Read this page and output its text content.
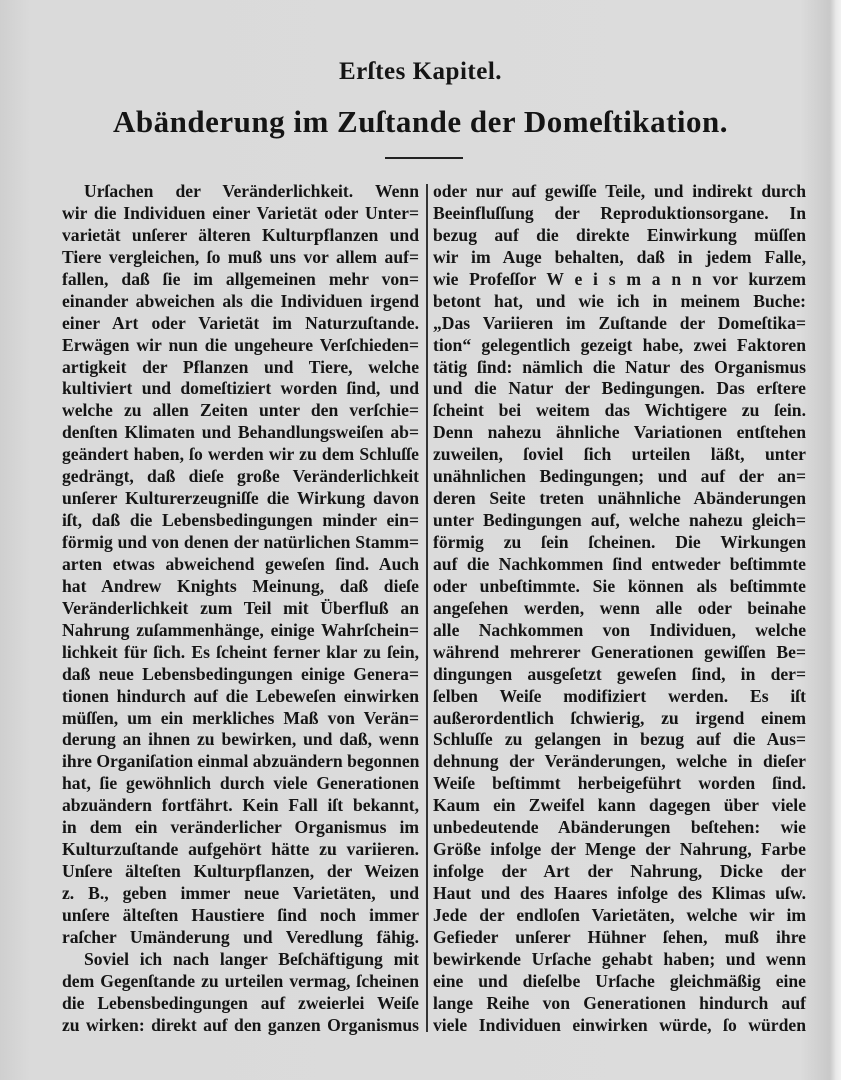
Erſtes Kapitel.
Abänderung im Zuſtande der Domeſtikation.
Urſachen der Veränderlichkeit. Wenn
wir die Individuen einer Varietät oder Unter=
varietät unſerer älteren Kulturpflanzen und
Tiere vergleichen, ſo muß uns vor allem auf=
fallen, daß ſie im allgemeinen mehr von=
einander abweichen als die Individuen irgend
einer Art oder Varietät im Naturzuſtande.
Erwägen wir nun die ungeheure Verſchieden=
artigkeit der Pflanzen und Tiere, welche
kultiviert und domeſtiziert worden ſind, und
welche zu allen Zeiten unter den verſchie=
denſten Klimaten und Behandlungsweiſen ab=
geändert haben, ſo werden wir zu dem Schluſſe
gedrängt, daß dieſe große Veränderlichkeit
unſerer Kulturerzeugniſſe die Wirkung davon
iſt, daß die Lebensbedingungen minder ein=
förmig und von denen der natürlichen Stamm=
arten etwas abweichend geweſen ſind. Auch
hat Andrew Knights Meinung, daß dieſe
Veränderlichkeit zum Teil mit Überfluß an
Nahrung zuſammenhänge, einige Wahrſchein=
lichkeit für ſich. Es ſcheint ferner klar zu ſein,
daß neue Lebensbedingungen einige Genera=
tionen hindurch auf die Lebeweſen einwirken
müſſen, um ein merkliches Maß von Verän=
derung an ihnen zu bewirken, und daß, wenn
ihre Organiſation einmal abzuändern begonnen
hat, ſie gewöhnlich durch viele Generationen
abzuändern fortfährt. Kein Fall iſt bekannt,
in dem ein veränderlicher Organismus im
Kulturzuſtande aufgehört hätte zu variieren.
Unſere älteſten Kulturpflanzen, der Weizen
z. B., geben immer neue Varietäten, und
unſere älteſten Haustiere ſind noch immer
raſcher Umänderung und Veredlung fähig.
Soviel ich nach langer Beſchäftigung mit
dem Gegenſtande zu urteilen vermag, ſcheinen
die Lebensbedingungen auf zweierlei Weiſe
zu wirken: direkt auf den ganzen Organismus
oder nur auf gewiſſe Teile, und indirekt durch
Beeinfluſſung der Reproduktionsorgane. In
bezug auf die direkte Einwirkung müſſen
wir im Auge behalten, daß in jedem Falle,
wie Profeſſor W e i s m a n n vor kurzem
betont hat, und wie ich in meinem Buche:
„Das Variieren im Zuſtande der Domeſtika=
tion“ gelegentlich gezeigt habe, zwei Faktoren
tätig ſind: nämlich die Natur des Organismus
und die Natur der Bedingungen. Das erſtere
ſcheint bei weitem das Wichtigere zu ſein.
Denn nahezu ähnliche Variationen entſtehen
zuweilen, ſoviel ſich urteilen läßt, unter
unähnlichen Bedingungen; und auf der an=
deren Seite treten unähnliche Abänderungen
unter Bedingungen auf, welche nahezu gleich=
förmig zu ſein ſcheinen. Die Wirkungen
auf die Nachkommen ſind entweder beſtimmte
oder unbeſtimmte. Sie können als beſtimmte
angeſehen werden, wenn alle oder beinahe
alle Nachkommen von Individuen, welche
während mehrerer Generationen gewiſſen Be=
dingungen ausgeſetzt geweſen ſind, in der=
ſelben Weiſe modifiziert werden. Es iſt
außerordentlich ſchwierig, zu irgend einem
Schluſſe zu gelangen in bezug auf die Aus=
dehnung der Veränderungen, welche in dieſer
Weiſe beſtimmt herbeigeführt worden ſind.
Kaum ein Zweifel kann dagegen über viele
unbedeutende Abänderungen beſtehen: wie
Größe infolge der Menge der Nahrung, Farbe
infolge der Art der Nahrung, Dicke der
Haut und des Haares infolge des Klimas uſw.
Jede der endloſen Varietäten, welche wir im
Gefieder unſerer Hühner ſehen, muß ihre
bewirkende Urſache gehabt haben; und wenn
eine und dieſelbe Urſache gleichmäßig eine
lange Reihe von Generationen hindurch auf
viele Individuen einwirken würde, ſo würden
